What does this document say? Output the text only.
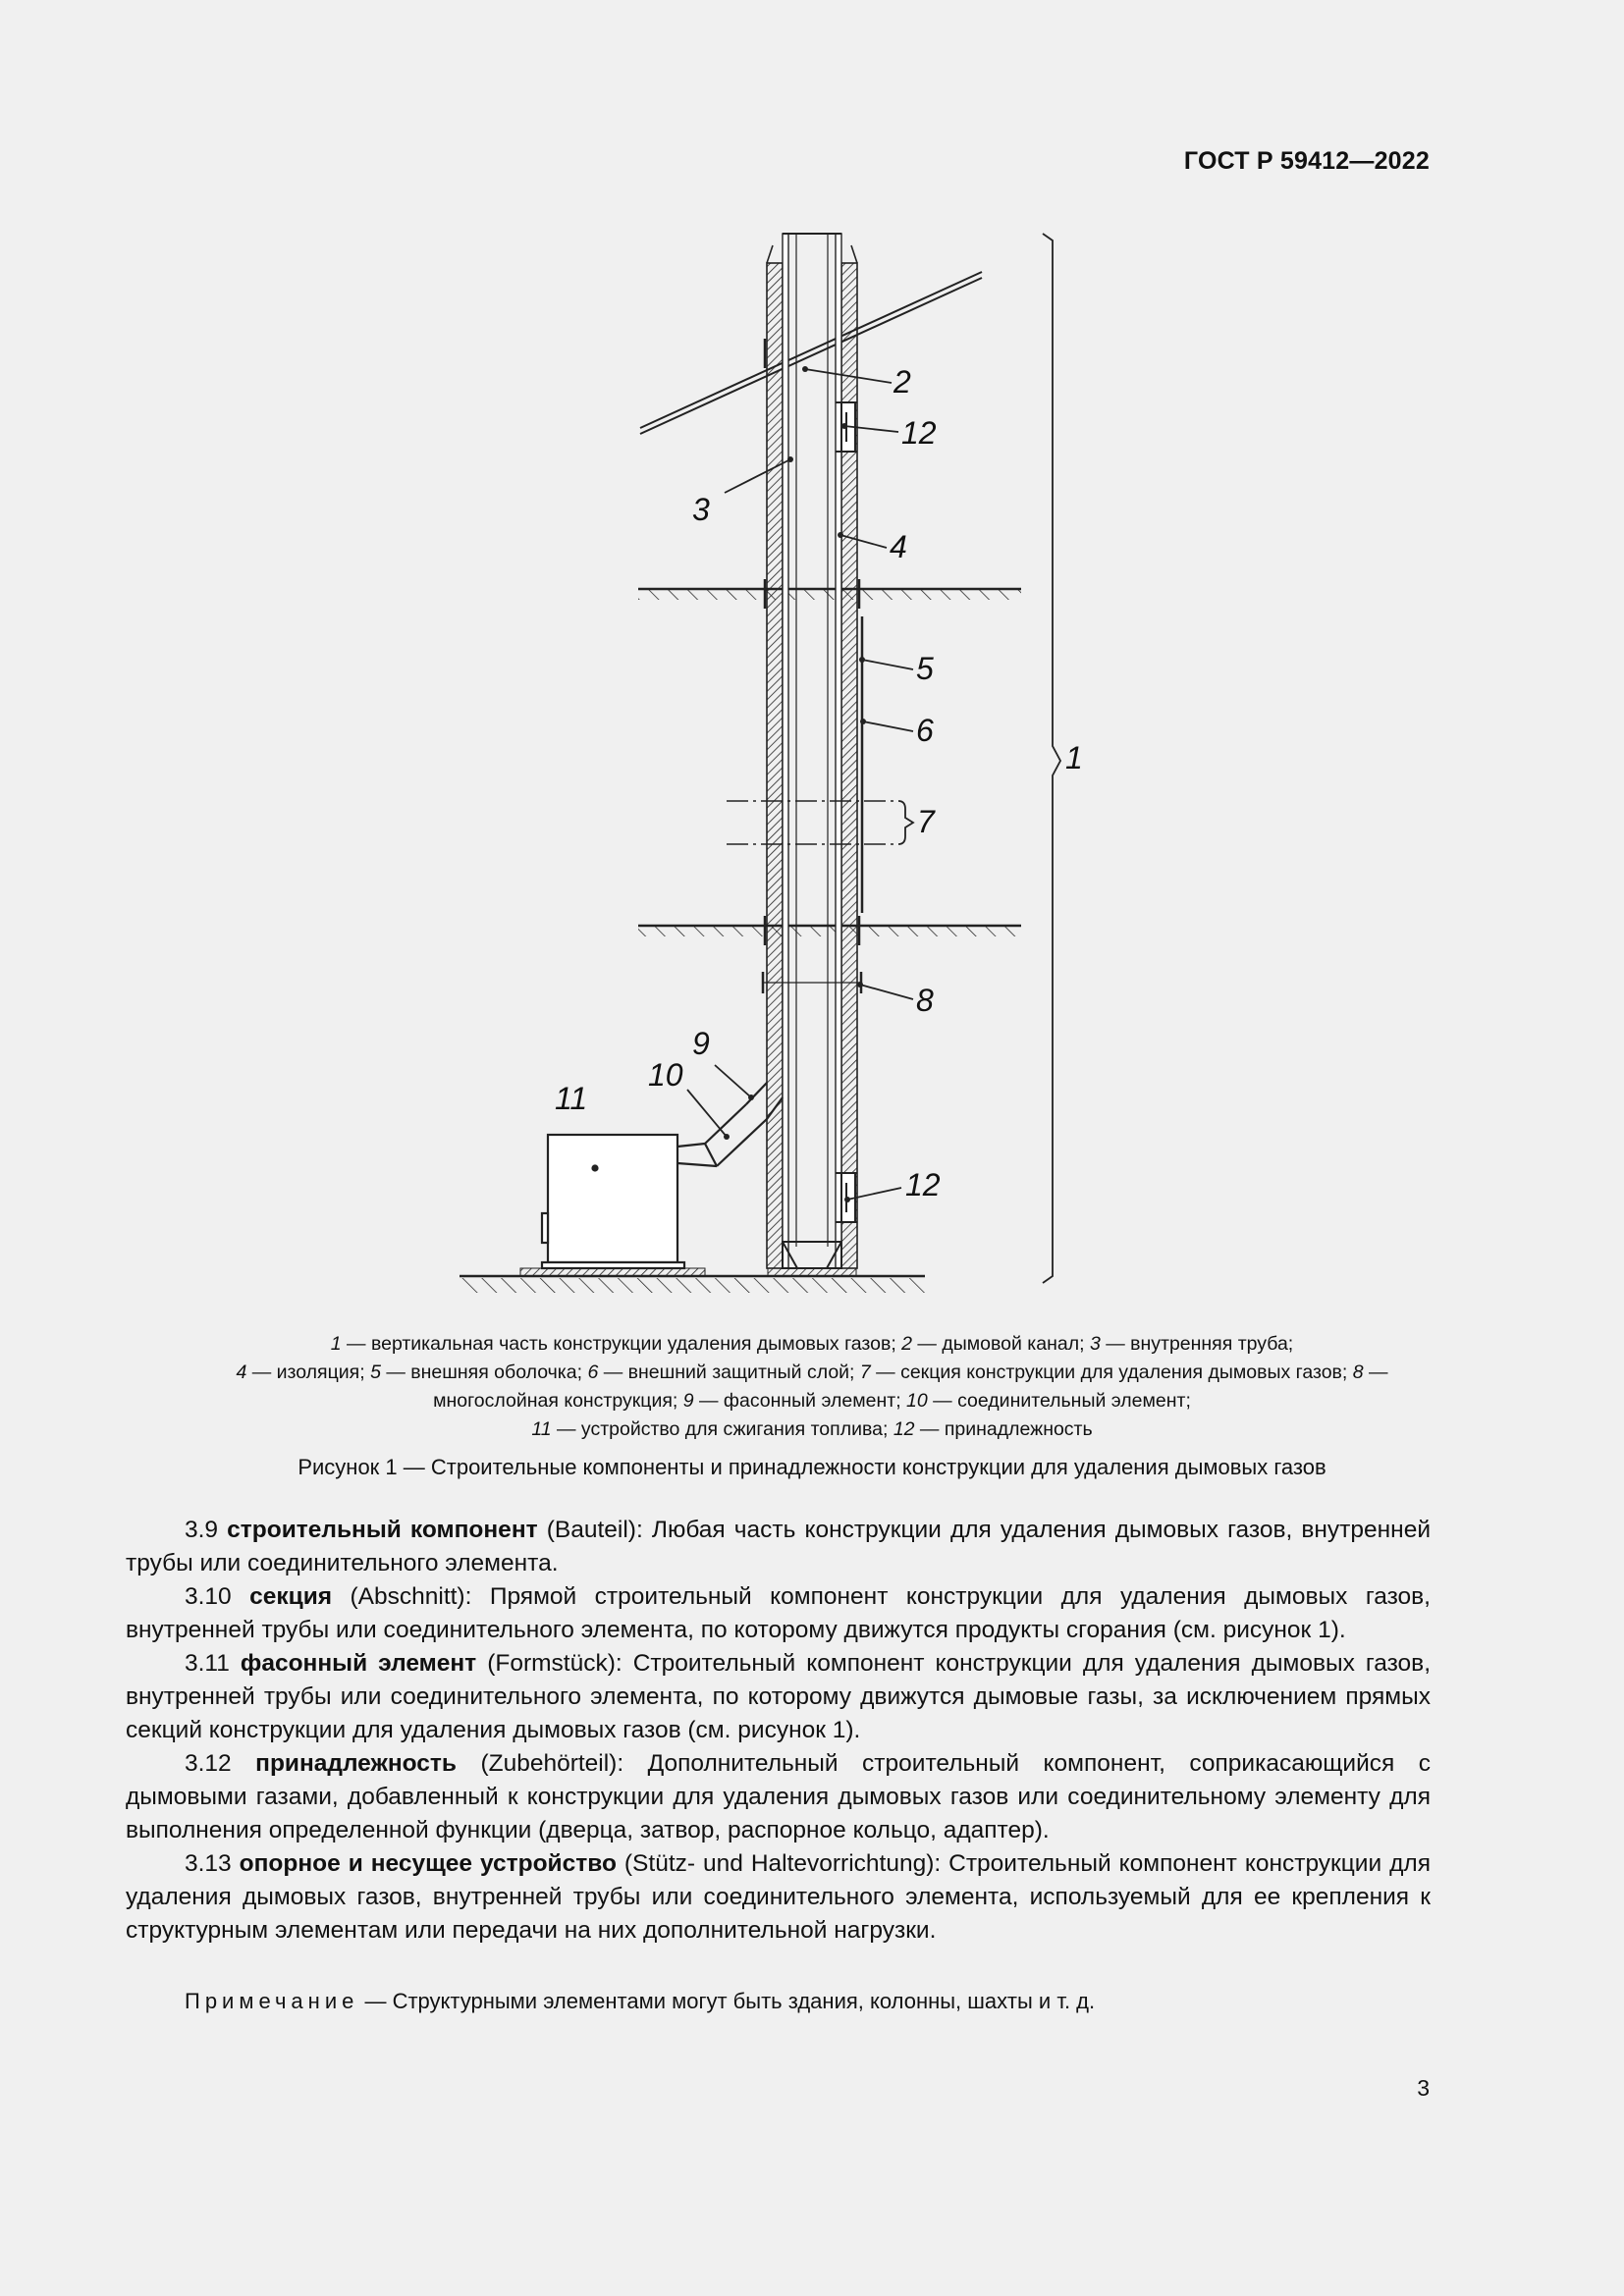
ГОСТ Р 59412—2022
1
2
12
3
4
5
6
7
8
9
10
11
12
1 — вертикальная часть конструкции удаления дымовых газов; 2 — дымовой канал; 3 — внутренняя труба;
4 — изоляция; 5 — внешняя оболочка; 6 — внешний защитный слой; 7 — секция конструкции для удаления дымовых газов; 8 — многослойная конструкция; 9 — фасонный элемент; 10 — соединительный элемент;
11 — устройство для сжигания топлива; 12 — принадлежность
Рисунок 1 — Строительные компоненты и принадлежности конструкции для удаления дымовых газов

3.9 строительный компонент (Bauteil): Любая часть конструкции для удаления дымовых газов, внутренней трубы или соединительного элемента.

3.10 секция (Abschnitt): Прямой строительный компонент конструкции для удаления дымовых газов, внутренней трубы или соединительного элемента, по которому движутся продукты сгорания (см. рисунок 1).

3.11 фасонный элемент (Formstück): Строительный компонент конструкции для удаления дымовых газов, внутренней трубы или соединительного элемента, по которому движутся дымовые газы, за исключением прямых секций конструкции для удаления дымовых газов (см. рисунок 1).

3.12 принадлежность (Zubehörteil): Дополнительный строительный компонент, соприкасающийся с дымовыми газами, добавленный к конструкции для удаления дымовых газов или соединительному элементу для выполнения определенной функции (дверца, затвор, распорное кольцо, адаптер).

3.13 опорное и несущее устройство (Stütz- und Haltevorrichtung): Строительный компонент конструкции для удаления дымовых газов, внутренней трубы или соединительного элемента, используемый для ее крепления к структурным элементам или передачи на них дополнительной нагрузки.

Примечание — Структурными элементами могут быть здания, колонны, шахты и т. д.
3
